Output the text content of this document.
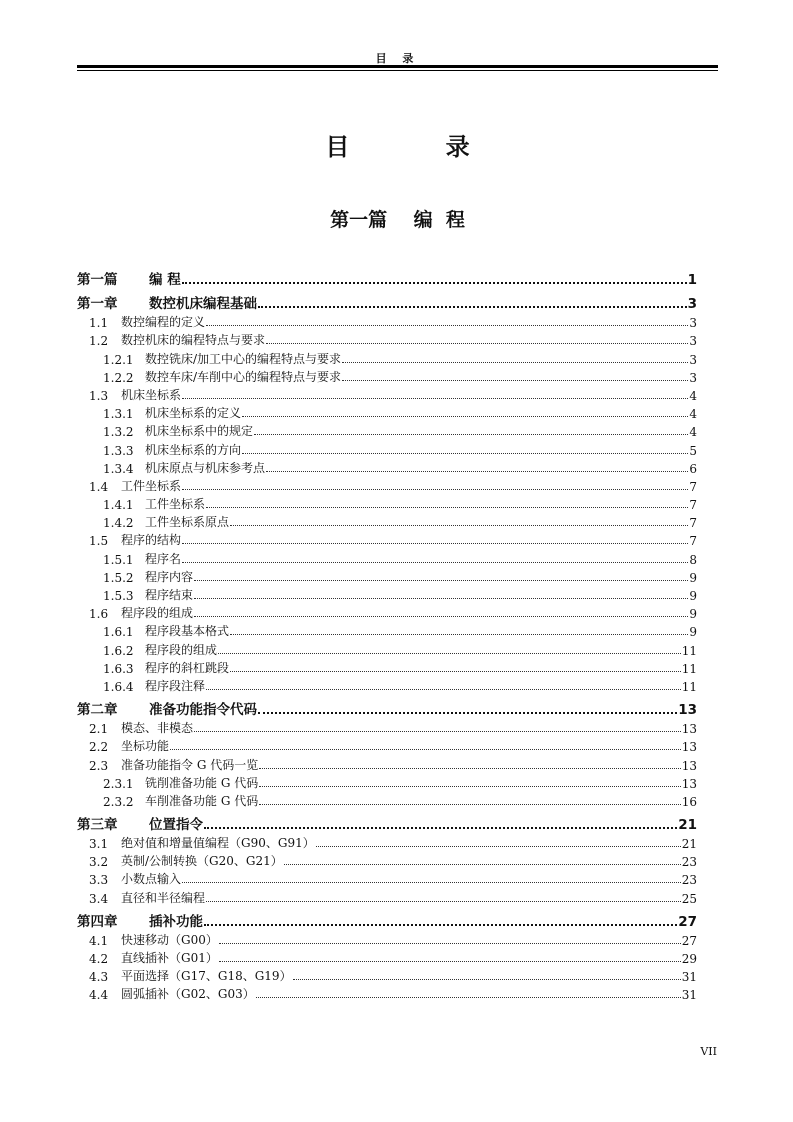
目 录
目 录
第一篇    编  程
第一篇	编 程	1
第一章	数控机床编程基础	3
1.1	数控编程的定义	3
1.2	数控机床的编程特点与要求	3
1.2.1 数控铣床/加工中心的编程特点与要求	3
1.2.2 数控车床/车削中心的编程特点与要求	3
1.3	机床坐标系	4
1.3.1 机床坐标系的定义	4
1.3.2 机床坐标系中的规定	4
1.3.3 机床坐标系的方向	5
1.3.4 机床原点与机床参考点	6
1.4	工件坐标系	7
1.4.1 工件坐标系	7
1.4.2 工件坐标系原点	7
1.5	程序的结构	7
1.5.1 程序名	8
1.5.2 程序内容	9
1.5.3 程序结束	9
1.6	程序段的组成	9
1.6.1 程序段基本格式	9
1.6.2 程序段的组成	11
1.6.3 程序的斜杠跳段	11
1.6.4 程序段注释	11
第二章	准备功能指令代码	13
2.1	模态、非模态	13
2.2	坐标功能	13
2.3	准备功能指令 G 代码一览	13
2.3.1 铣削准备功能 G 代码	13
2.3.2 车削准备功能 G 代码	16
第三章	位置指令	21
3.1	绝对值和增量值编程（G90、G91）	21
3.2	英制/公制转换（G20、G21）	23
3.3	小数点输入	23
3.4	直径和半径编程	25
第四章	插补功能	27
4.1	快速移动（G00）	27
4.2	直线插补（G01）	29
4.3	平面选择（G17、G18、G19）	31
4.4	圆弧插补（G02、G03）	31
VII
